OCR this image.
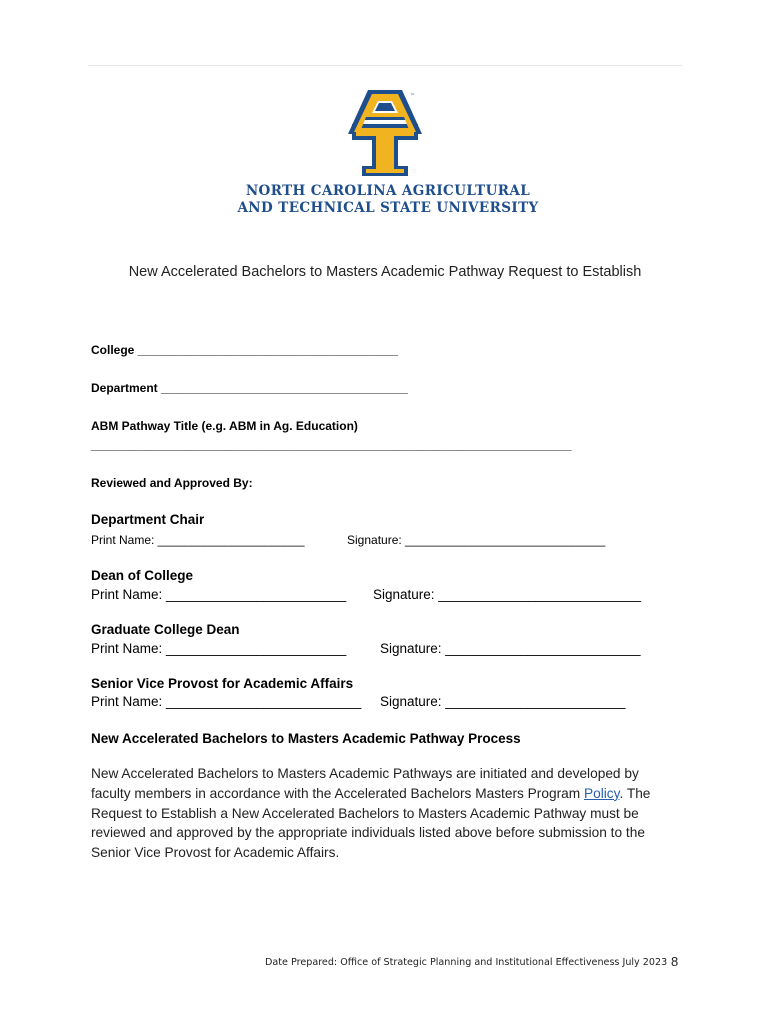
™
NORTH CAROLINA AGRICULTURAL
AND TECHNICAL STATE UNIVERSITY
New Accelerated Bachelors to Masters Academic Pathway Request to Establish
College _______________________________________
Department _____________________________________
ABM Pathway Title (e.g. ABM in Ag. Education)
________________________________________________________________________
Reviewed and Approved By:
Department Chair
Print Name: ______________________	Signature: ______________________________
Dean of College
Print Name: ________________________ Signature: ___________________________
Graduate College Dean
Print Name: ________________________	Signature: __________________________
Senior Vice Provost for Academic Affairs
Print Name: __________________________ Signature: ________________________
New Accelerated Bachelors to Masters Academic Pathway Process
New Accelerated Bachelors to Masters Academic Pathways are initiated and developed by faculty members in accordance with the Accelerated Bachelors Masters Program Policy. The Request to Establish a New Accelerated Bachelors to Masters Academic Pathway must be reviewed and approved by the appropriate individuals listed above before submission to the Senior Vice Provost for Academic Affairs.
Date Prepared: Office of Strategic Planning and Institutional Effectiveness July 2023 8
